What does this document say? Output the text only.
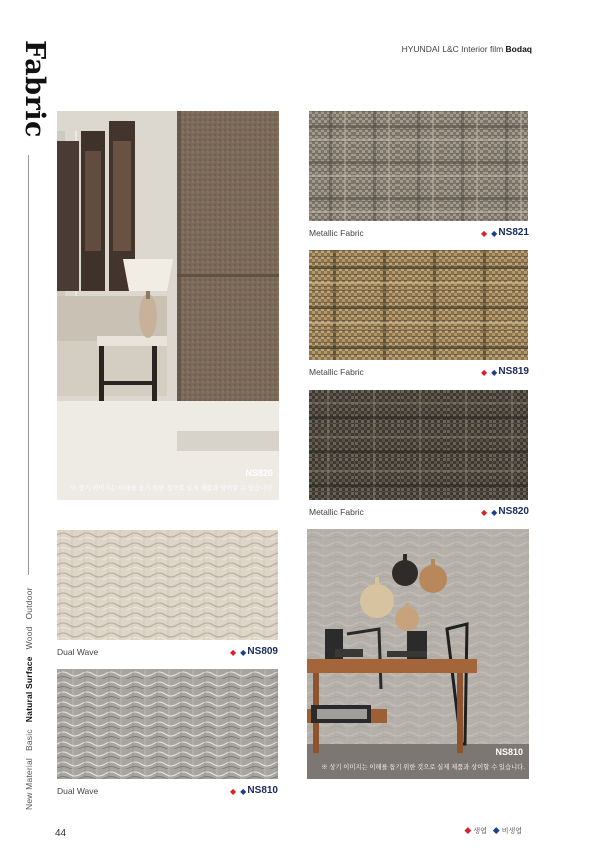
Fabric
New MaterialBasicNatural SurfaceWoodOutdoor
HYUNDAI L&C Interior film Bodaq
NS820
※ 상기 이미지는 이해를 돕기 위한 것으로 실제 제품과 상이할 수 있습니다.
Metallic Fabric	◆◆
NS821
Metallic Fabric	◆◆
NS819
Metallic Fabric	◆◆
NS820
Dual Wave	◆◆
NS809
Dual Wave	◆◆
NS810
NS810
※ 상기 이미지는 이해를 돕기 위한 것으로 실제 제품과 상이할 수 있습니다.
44	◆ 생엽 ◆ 비생엽
